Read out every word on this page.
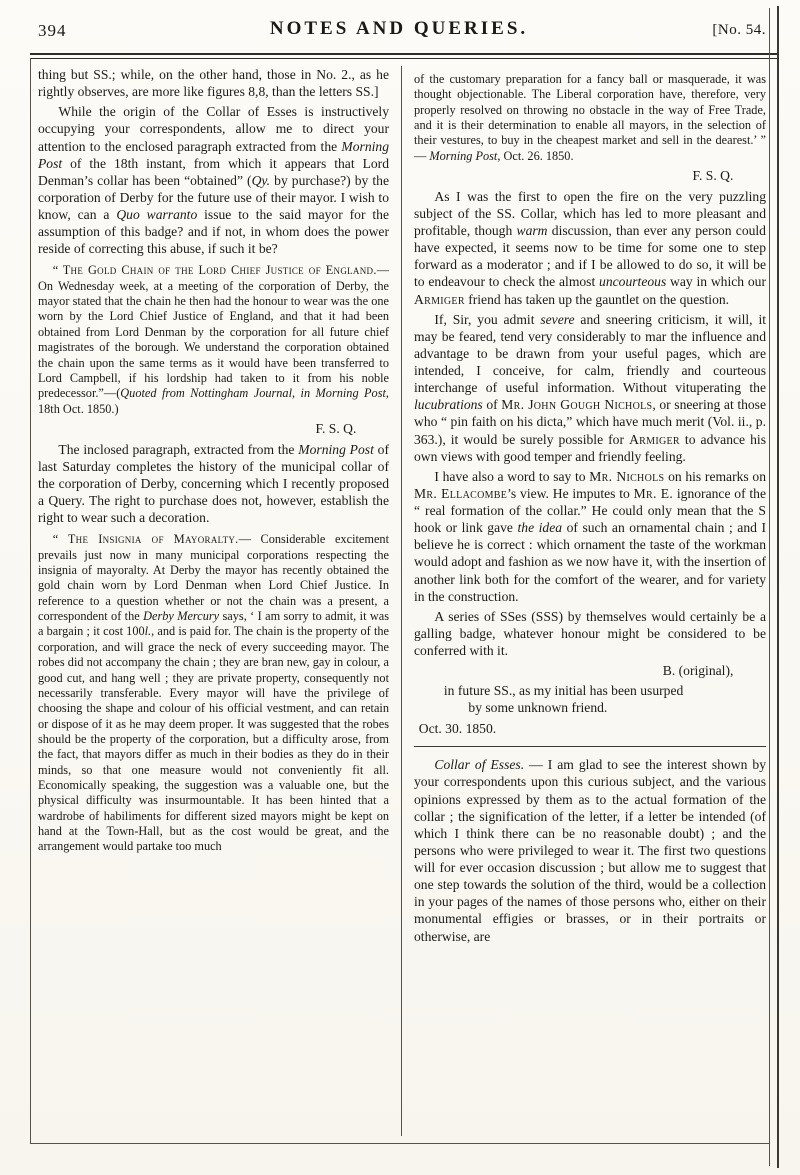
394	NOTES AND QUERIES.	[No. 54.

thing but SS.; while, on the other hand, those in No. 2., as he rightly observes, are more like figures 8,8, than the letters SS.]

While the origin of the Collar of Esses is instructively occupying your correspondents, allow me to direct your attention to the enclosed paragraph extracted from the Morning Post of the 18th instant, from which it appears that Lord Denman’s collar has been “obtained” (Qy. by purchase?) by the corporation of Derby for the future use of their mayor. I wish to know, can a Quo warranto issue to the said mayor for the assumption of this badge? and if not, in whom does the power reside of correcting this abuse, if such it be?

“ The Gold Chain of the Lord Chief Justice of England.—On Wednesday week, at a meeting of the corporation of Derby, the mayor stated that the chain he then had the honour to wear was the one worn by the Lord Chief Justice of England, and that it had been obtained from Lord Denman by the corporation for all future chief magistrates of the borough. We understand the corporation obtained the chain upon the same terms as it would have been transferred to Lord Campbell, if his lordship had taken to it from his noble predecessor.”—(Quoted from Nottingham Journal, in Morning Post, 18th Oct. 1850.)

F. S. Q.

The inclosed paragraph, extracted from the Morning Post of last Saturday completes the history of the municipal collar of the corporation of Derby, concerning which I recently proposed a Query. The right to purchase does not, however, establish the right to wear such a decoration.

“ The Insignia of Mayoralty.— Considerable excitement prevails just now in many municipal corporations respecting the insignia of mayoralty. At Derby the mayor has recently obtained the gold chain worn by Lord Denman when Lord Chief Justice. In reference to a question whether or not the chain was a present, a correspondent of the Derby Mercury says, ‘ I am sorry to admit, it was a bargain ; it cost 100l., and is paid for. The chain is the property of the corporation, and will grace the neck of every succeeding mayor. The robes did not accompany the chain ; they are bran new, gay in colour, a good cut, and hang well ; they are private property, consequently not necessarily transferable. Every mayor will have the privilege of choosing the shape and colour of his official vestment, and can retain or dispose of it as he may deem proper. It was suggested that the robes should be the property of the corporation, but a difficulty arose, from the fact, that mayors differ as much in their bodies as they do in their minds, so that one measure would not conveniently fit all. Economically speaking, the suggestion was a valuable one, but the physical difficulty was insurmountable. It has been hinted that a wardrobe of habiliments for different sized mayors might be kept on hand at the Town-Hall, but as the cost would be great, and the arrangement would partake too much

of the customary preparation for a fancy ball or masquerade, it was thought objectionable. The Liberal corporation have, therefore, very properly resolved on throwing no obstacle in the way of Free Trade, and it is their determination to enable all mayors, in the selection of their vestures, to buy in the cheapest market and sell in the dearest.’ ” — Morning Post, Oct. 26. 1850.

F. S. Q.

As I was the first to open the fire on the very puzzling subject of the SS. Collar, which has led to more pleasant and profitable, though warm discussion, than ever any person could have expected, it seems now to be time for some one to step forward as a moderator ; and if I be allowed to do so, it will be to endeavour to check the almost uncourteous way in which our Armiger friend has taken up the gauntlet on the question.

If, Sir, you admit severe and sneering criticism, it will, it may be feared, tend very considerably to mar the influence and advantage to be drawn from your useful pages, which are intended, I conceive, for calm, friendly and courteous interchange of useful information. Without vituperating the lucubrations of Mr. John Gough Nichols, or sneering at those who “ pin faith on his dicta,” which have much merit (Vol. ii., p. 363.), it would be surely possible for Armiger to advance his own views with good temper and friendly feeling.

I have also a word to say to Mr. Nichols on his remarks on Mr. Ellacombe’s view. He imputes to Mr. E. ignorance of the “ real formation of the collar.” He could only mean that the S hook or link gave the idea of such an ornamental chain ; and I believe he is correct : which ornament the taste of the workman would adopt and fashion as we now have it, with the insertion of another link both for the comfort of the wearer, and for variety in the construction.

A series of SSes (SSS) by themselves would certainly be a galling badge, whatever honour might be considered to be conferred with it.

B. (original),

in future SS., as my initial has been usurped

by some unknown friend.

Oct. 30. 1850.

Collar of Esses. — I am glad to see the interest shown by your correspondents upon this curious subject, and the various opinions expressed by them as to the actual formation of the collar ; the signification of the letter, if a letter be intended (of which I think there can be no reasonable doubt) ; and the persons who were privileged to wear it. The first two questions will for ever occasion discussion ; but allow me to suggest that one step towards the solution of the third, would be a collection in your pages of the names of those persons who, either on their monumental effigies or brasses, or in their portraits or otherwise, are
